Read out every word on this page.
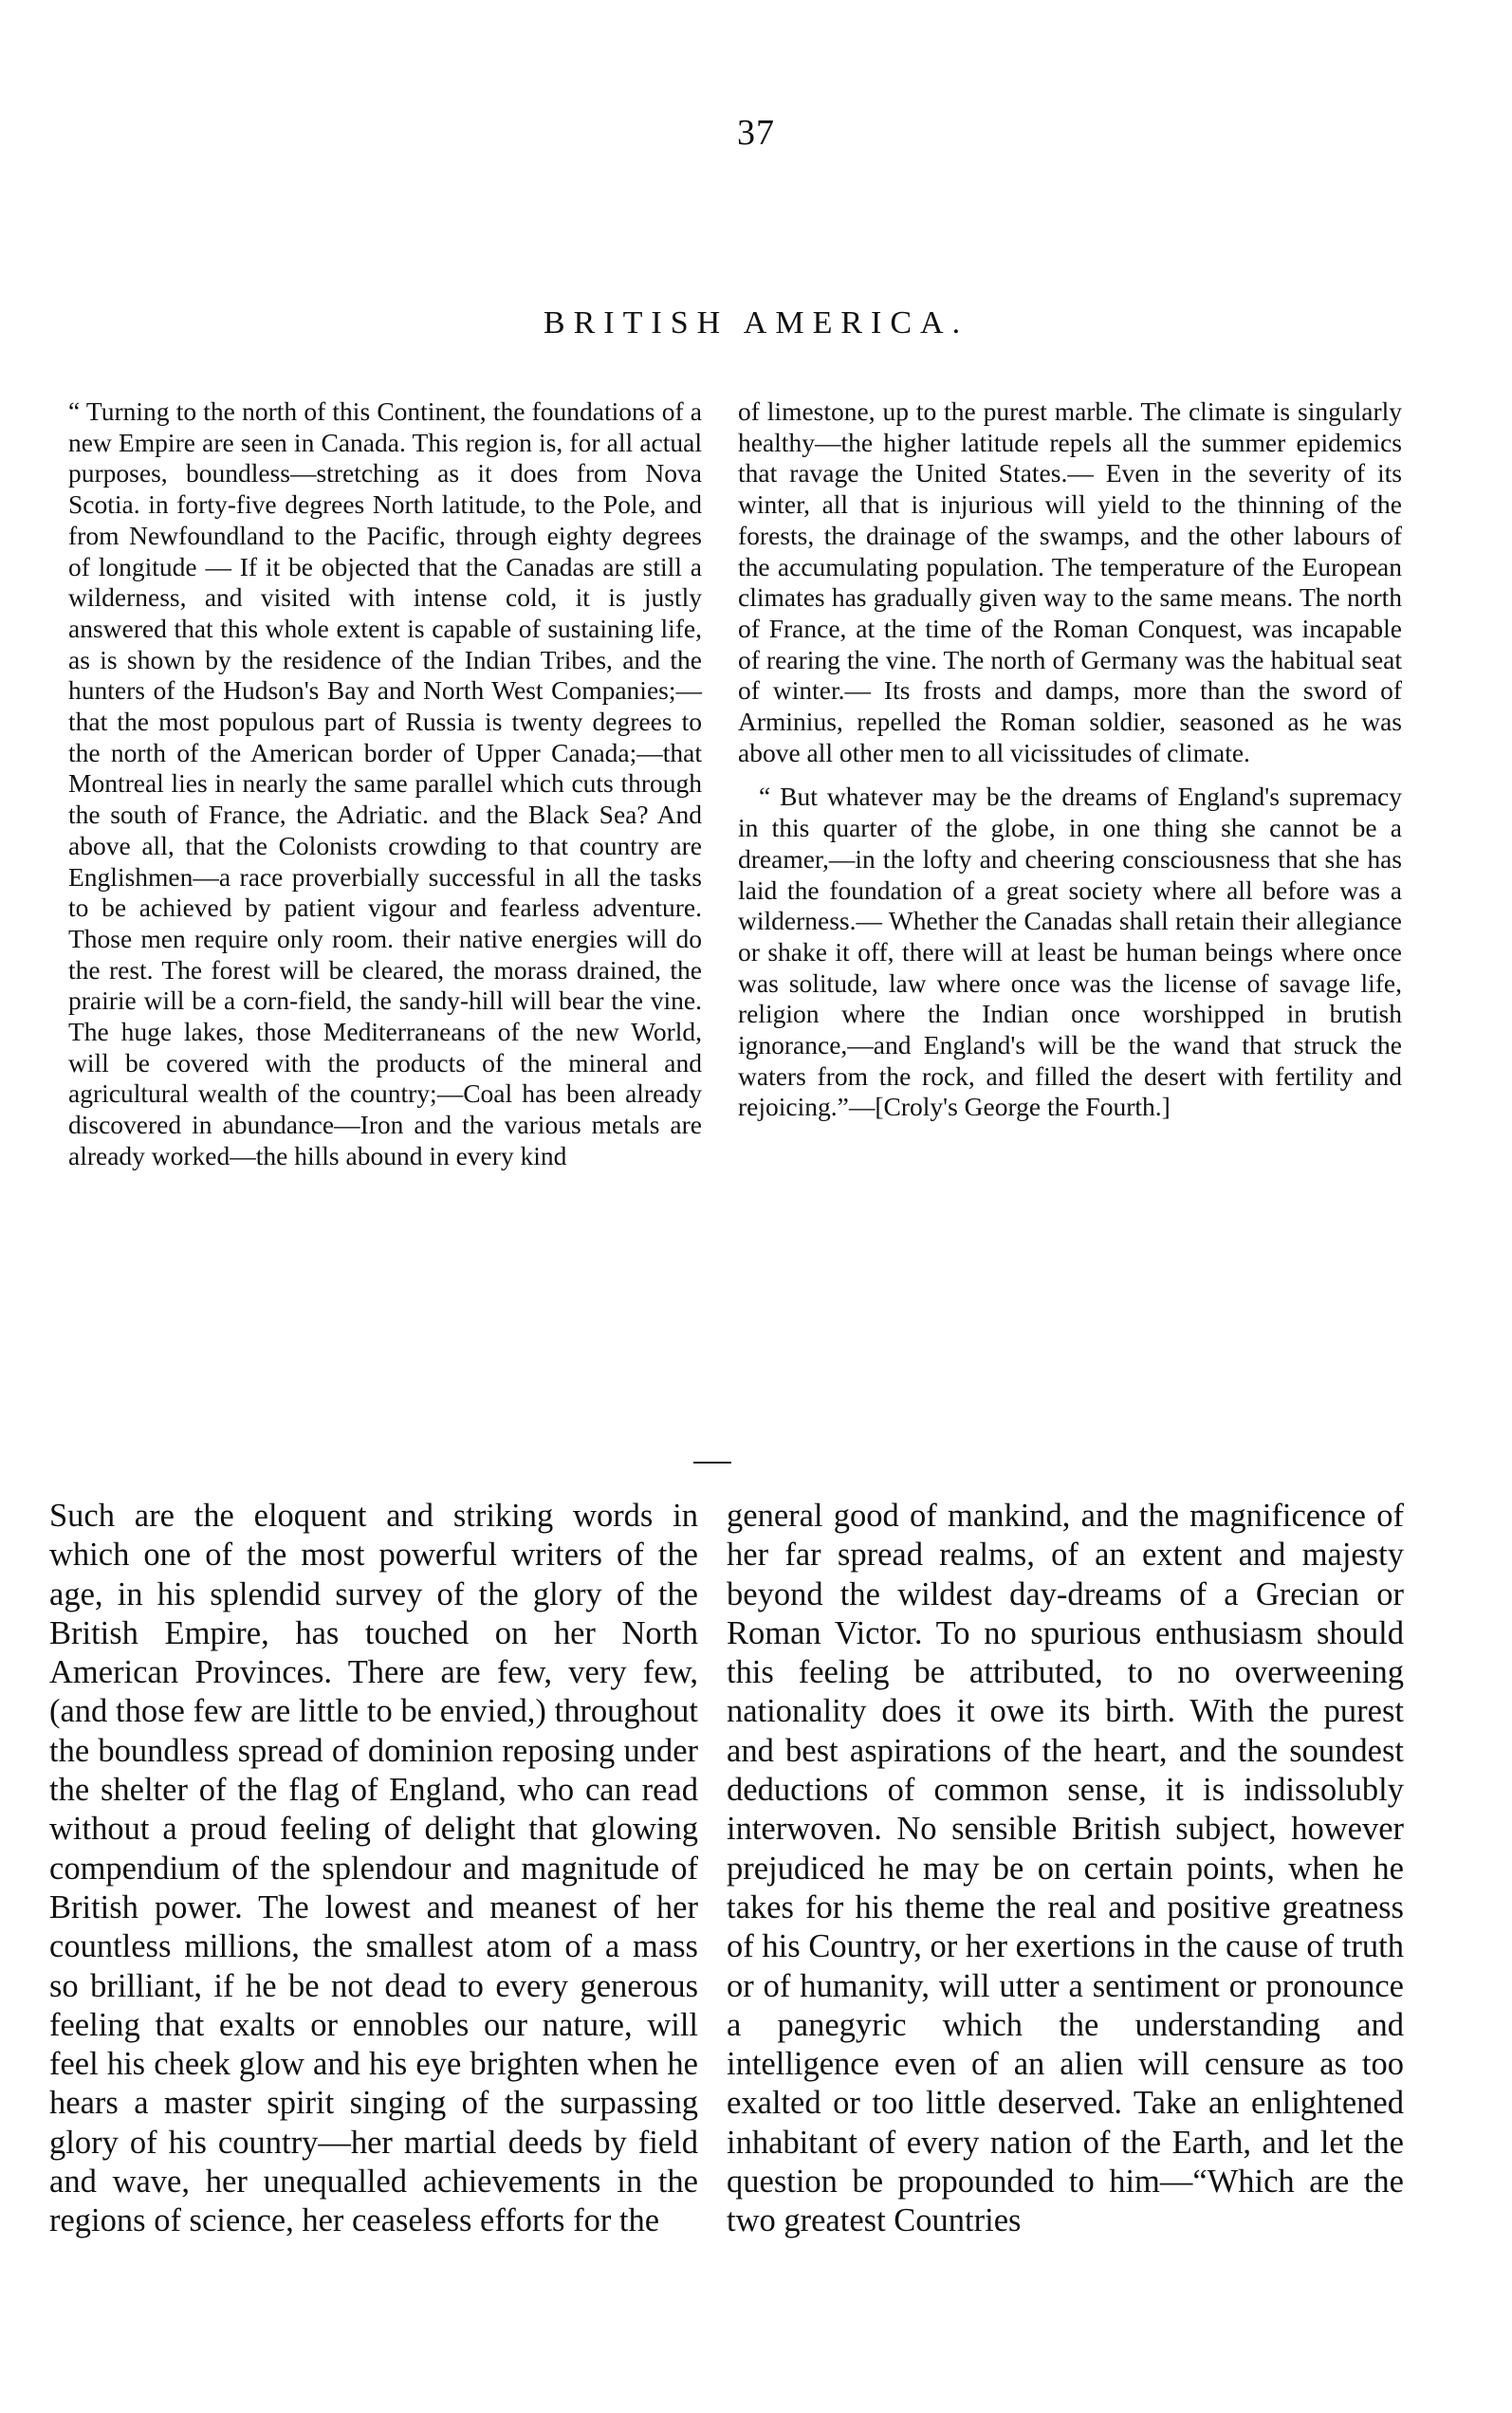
37
BRITISH AMERICA.

“ Turning to the north of this Continent, the foundations of a new Empire are seen in Canada. This region is, for all actual purposes, boundless—stretching as it does from Nova Scotia. in forty-five degrees North latitude, to the Pole, and from Newfoundland to the Pacific, through eighty degrees of longitude — If it be objected that the Canadas are still a wilderness, and visited with intense cold, it is justly answered that this whole extent is capable of sustaining life, as is shown by the residence of the Indian Tribes, and the hunters of the Hudson's Bay and North West Companies;—that the most populous part of Russia is twenty degrees to the north of the American border of Upper Canada;—that Montreal lies in nearly the same parallel which cuts through the south of France, the Adriatic. and the Black Sea? And above all, that the Colonists crowding to that country are Englishmen—a race proverbially successful in all the tasks to be achieved by patient vigour and fearless adventure. Those men require only room. their native energies will do the rest. The forest will be cleared, the morass drained, the prairie will be a corn-field, the sandy-hill will bear the vine. The huge lakes, those Mediterraneans of the new World, will be covered with the products of the mineral and agricultural wealth of the country;—Coal has been already discovered in abundance—Iron and the various metals are already worked—the hills abound in every kind

of limestone, up to the purest marble. The climate is singularly healthy—the higher latitude repels all the summer epidemics that ravage the United States.— Even in the severity of its winter, all that is injurious will yield to the thinning of the forests, the drainage of the swamps, and the other labours of the accumulating population. The temperature of the European climates has gradually given way to the same means. The north of France, at the time of the Roman Conquest, was incapable of rearing the vine. The north of Germany was the habitual seat of winter.— Its frosts and damps, more than the sword of Arminius, repelled the Roman soldier, seasoned as he was above all other men to all vicissitudes of climate.

“ But whatever may be the dreams of England's supremacy in this quarter of the globe, in one thing she cannot be a dreamer,—in the lofty and cheering consciousness that she has laid the foundation of a great society where all before was a wilderness.— Whether the Canadas shall retain their allegiance or shake it off, there will at least be human beings where once was solitude, law where once was the license of savage life, religion where the Indian once worshipped in brutish ignorance,—and England's will be the wand that struck the waters from the rock, and filled the desert with fertility and rejoicing.”—[Croly's George the Fourth.]

Such are the eloquent and striking words in which one of the most powerful writers of the age, in his splendid survey of the glory of the British Empire, has touched on her North American Provinces. There are few, very few, (and those few are little to be envied,) throughout the boundless spread of dominion reposing under the shelter of the flag of England, who can read without a proud feeling of delight that glowing compendium of the splendour and magnitude of British power. The lowest and meanest of her countless millions, the smallest atom of a mass so brilliant, if he be not dead to every generous feeling that exalts or ennobles our nature, will feel his cheek glow and his eye brighten when he hears a master spirit singing of the surpassing glory of his country—her martial deeds by field and wave, her unequalled achievements in the regions of science, her ceaseless efforts for the

general good of mankind, and the magnificence of her far spread realms, of an extent and majesty beyond the wildest day-dreams of a Grecian or Roman Victor. To no spurious enthusiasm should this feeling be attributed, to no overweening nationality does it owe its birth. With the purest and best aspirations of the heart, and the soundest deductions of common sense, it is indissolubly interwoven. No sensible British subject, however prejudiced he may be on certain points, when he takes for his theme the real and positive greatness of his Country, or her exertions in the cause of truth or of humanity, will utter a sentiment or pronounce a panegyric which the understanding and intelligence even of an alien will censure as too exalted or too little deserved. Take an enlightened inhabitant of every nation of the Earth, and let the question be propounded to him—“Which are the two greatest Countries
